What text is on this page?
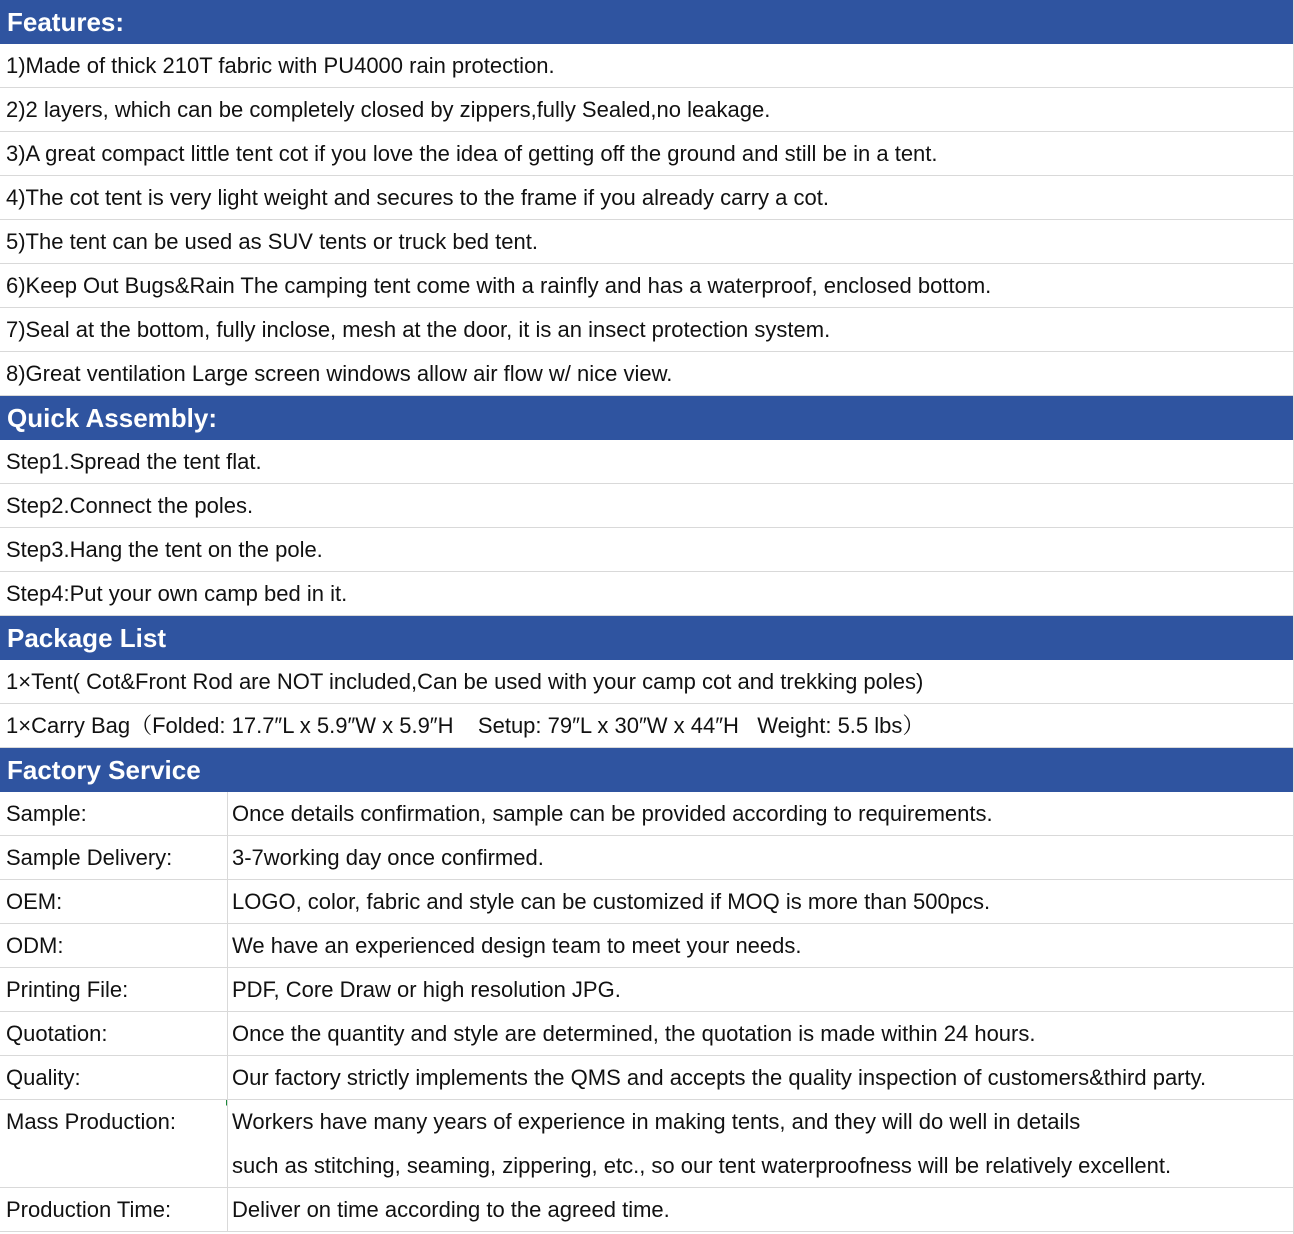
Features:
1)Made of thick 210T fabric with PU4000 rain protection.
2)2 layers, which can be completely closed by zippers,fully Sealed,no leakage.
3)A great compact little tent cot if you love the idea of getting off the ground and still be in a tent.
4)The cot tent is very light weight and secures to the frame if you already carry a cot.
5)The tent can be used as SUV tents or truck bed tent.
6)Keep Out Bugs&Rain The camping tent come with a rainfly and has a waterproof, enclosed bottom.
7)Seal at the bottom, fully inclose, mesh at the door, it is an insect protection system.
8)Great ventilation Large screen windows allow air flow w/ nice view.
Quick Assembly:
Step1.Spread the tent flat.
Step2.Connect the poles.
Step3.Hang the tent on the pole.
Step4:Put your own camp bed in it.
Package List
1×Tent( Cot&Front Rod are NOT included,Can be used with your camp cot and trekking poles)
1×Carry Bag（Folded: 17.7″L x 5.9″W x 5.9″H    Setup: 79″L x 30″W x 44″H   Weight: 5.5 lbs）
Factory Service
Sample:	Once details confirmation, sample can be provided according to requirements.
Sample Delivery:	3-7working day once confirmed.
OEM:	LOGO, color, fabric and style can be customized if MOQ is more than 500pcs.
ODM:	We have an experienced design team to meet your needs.
Printing File:	PDF, Core Draw or high resolution JPG.
Quotation:	Once the quantity and style are determined, the quotation is made within 24 hours.
Quality:	Our factory strictly implements the QMS and accepts the quality inspection of customers&third party.
Mass Production:	Workers have many years of experience in making tents, and they will do well in details
such as stitching, seaming, zippering, etc., so our tent waterproofness will be relatively excellent.
Production Time:	Deliver on time according to the agreed time.
